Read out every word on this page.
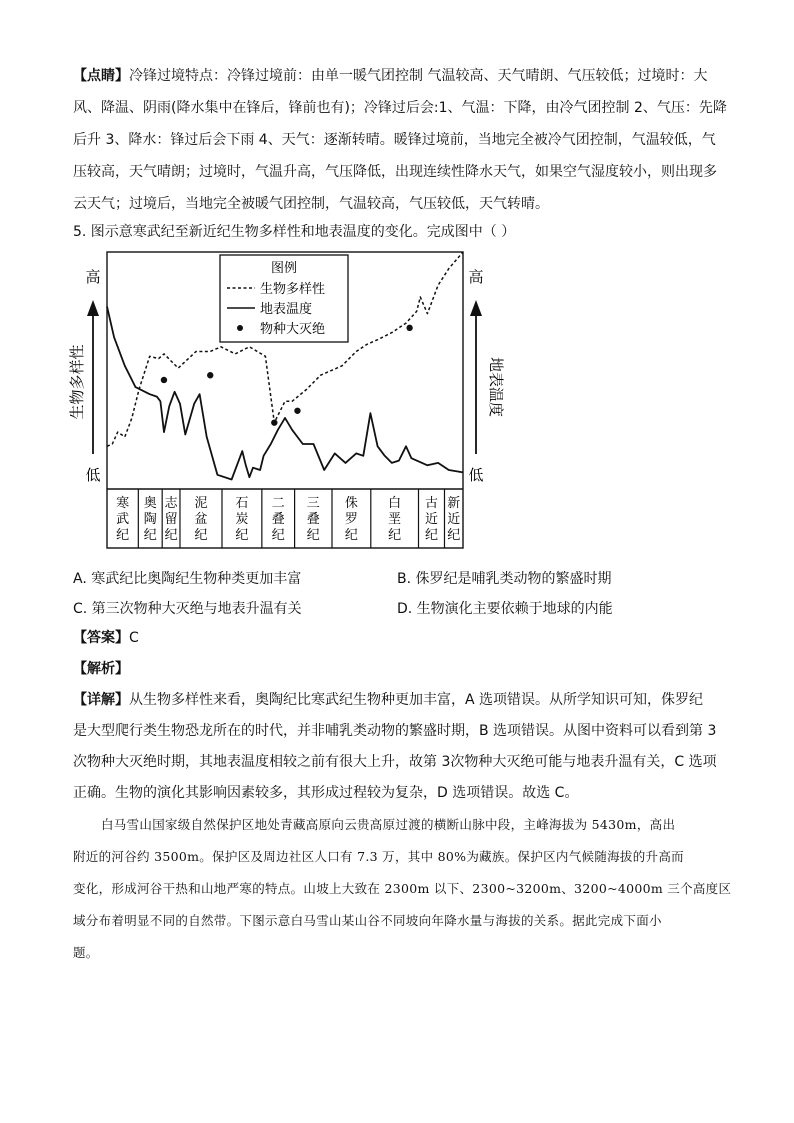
【点睛】冷锋过境特点：冷锋过境前：由单一暖气团控制 气温较高、天气晴朗、气压较低；过境时：大
风、降温、阴雨(降水集中在锋后，锋前也有)；冷锋过后会:1、气温：下降，由冷气团控制 2、气压：先降
后升 3、降水：锋过后会下雨 4、天气：逐渐转晴。暖锋过境前，当地完全被冷气团控制，气温较低，气
压较高，天气晴朗；过境时，气温升高，气压降低，出现连续性降水天气，如果空气湿度较小，则出现多
云天气；过境后，当地完全被暖气团控制，气温较高，气压较低，天气转晴。
5. 图示意寒武纪至新近纪生物多样性和地表温度的变化。完成图中（ ）
高
低
生物多样性
高
低
地表温度
寒武纪
奥陶纪
志留纪
泥盆纪
石炭纪
二叠纪
三叠纪
侏罗纪
白垩纪
古近纪
新近纪
图例
生物多样性
地表温度
物种大灭绝
A. 寒武纪比奥陶纪生物种类更加丰富	B. 侏罗纪是哺乳类动物的繁盛时期
C. 第三次物种大灭绝与地表升温有关	D. 生物演化主要依赖于地球的内能
【答案】C
【解析】
【详解】从生物多样性来看，奥陶纪比寒武纪生物种更加丰富，A 选项错误。从所学知识可知，侏罗纪
是大型爬行类生物恐龙所在的时代，并非哺乳类动物的繁盛时期，B 选项错误。从图中资料可以看到第 3
次物种大灭绝时期，其地表温度相较之前有很大上升，故第 3次物种大灭绝可能与地表升温有关，C 选项
正确。生物的演化其影响因素较多，其形成过程较为复杂，D 选项错误。故选 C。
白马雪山国家级自然保护区地处青藏高原向云贵高原过渡的横断山脉中段，主峰海拔为 5430m，高出
附近的河谷约 3500m。保护区及周边社区人口有 7.3 万，其中 80%为藏族。保护区内气候随海拔的升高而
变化，形成河谷干热和山地严寒的特点。山坡上大致在 2300m 以下、2300~3200m、3200~4000m 三个高度区
域分布着明显不同的自然带。下图示意白马雪山某山谷不同坡向年降水量与海拔的关系。据此完成下面小
题。
